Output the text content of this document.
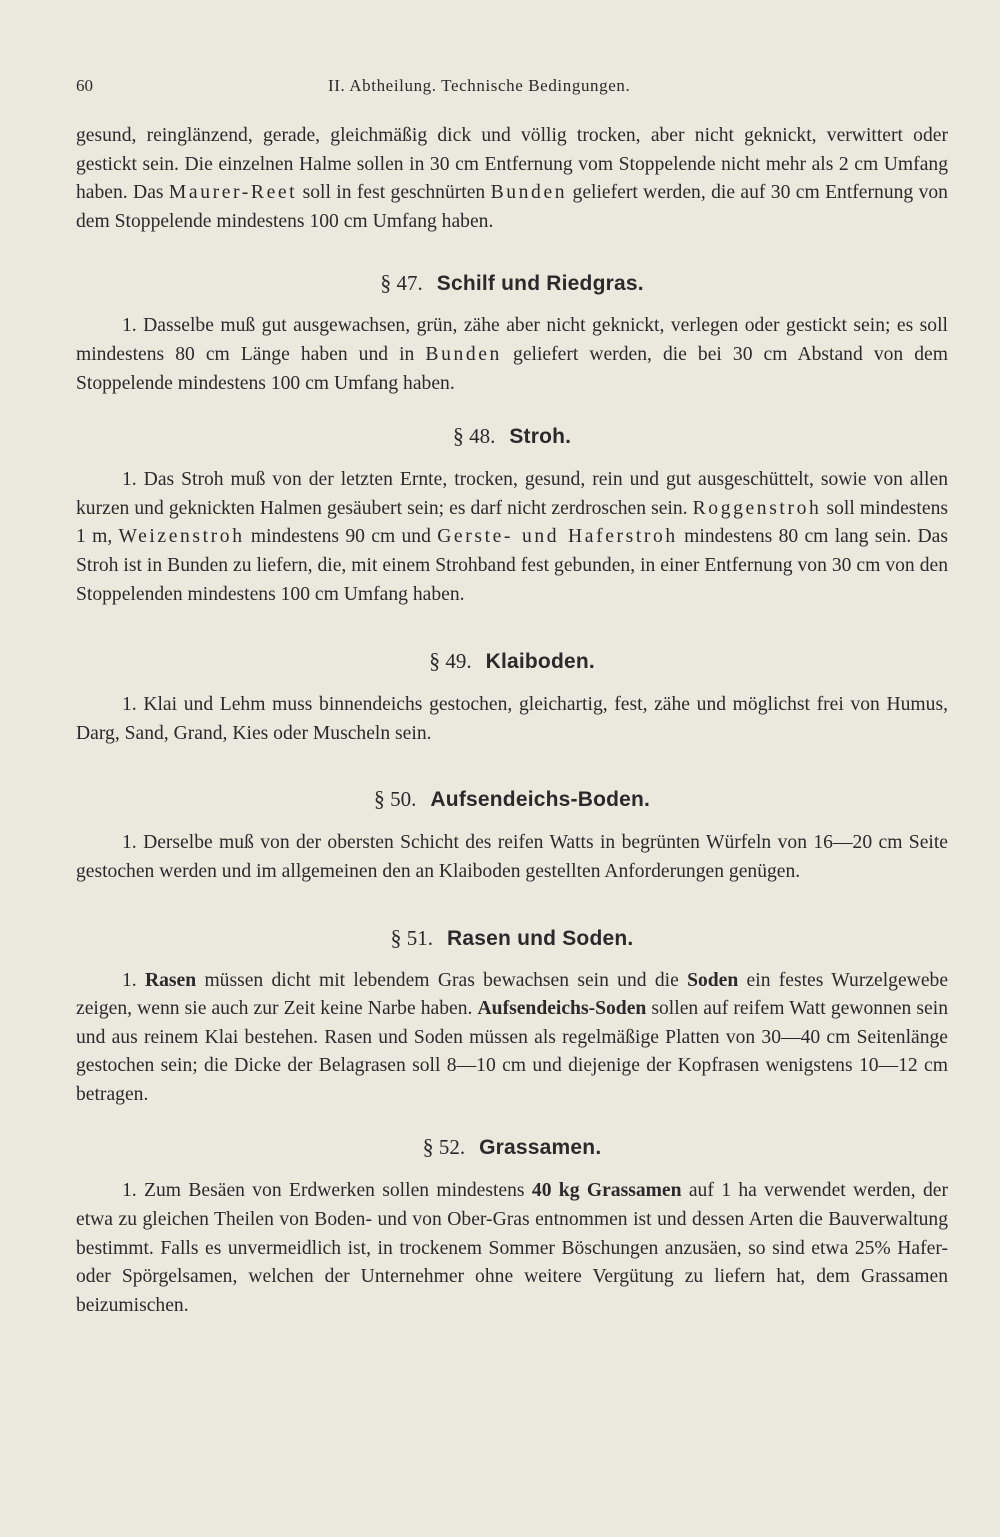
60	II. Abtheilung. Technische Bedingungen.

gesund, reinglänzend, gerade, gleichmäßig dick und völlig trocken, aber nicht geknickt, verwittert oder gestickt sein. Die einzelnen Halme sollen in 30 cm Entfernung vom Stoppelende nicht mehr als 2 cm Umfang haben. Das Maurer-Reet soll in fest geschnürten Bunden geliefert werden, die auf 30 cm Entfernung von dem Stoppelende mindestens 100 cm Umfang haben.

§ 47. Schilf und Riedgras.

1. Dasselbe muß gut ausgewachsen, grün, zähe aber nicht geknickt, verlegen oder gestickt sein; es soll mindestens 80 cm Länge haben und in Bunden geliefert werden, die bei 30 cm Abstand von dem Stoppelende mindestens 100 cm Umfang haben.

§ 48. Stroh.

1. Das Stroh muß von der letzten Ernte, trocken, gesund, rein und gut ausgeschüttelt, sowie von allen kurzen und geknickten Halmen gesäubert sein; es darf nicht zerdroschen sein. Roggenstroh soll mindestens 1 m, Weizenstroh mindestens 90 cm und Gerste- und Haferstroh mindestens 80 cm lang sein. Das Stroh ist in Bunden zu liefern, die, mit einem Strohband fest gebunden, in einer Entfernung von 30 cm von den Stoppelenden mindestens 100 cm Umfang haben.

§ 49. Klaiboden.

1. Klai und Lehm muss binnendeichs gestochen, gleichartig, fest, zähe und möglichst frei von Humus, Darg, Sand, Grand, Kies oder Muscheln sein.

§ 50. Aufsendeichs-Boden.

1. Derselbe muß von der obersten Schicht des reifen Watts in begrünten Würfeln von 16—20 cm Seite gestochen werden und im allgemeinen den an Klaiboden gestellten Anforderungen genügen.

§ 51. Rasen und Soden.

1. Rasen müssen dicht mit lebendem Gras bewachsen sein und die Soden ein festes Wurzelgewebe zeigen, wenn sie auch zur Zeit keine Narbe haben. Aufsendeichs-Soden sollen auf reifem Watt gewonnen sein und aus reinem Klai bestehen. Rasen und Soden müssen als regelmäßige Platten von 30—40 cm Seitenlänge gestochen sein; die Dicke der Belagrasen soll 8—10 cm und diejenige der Kopfrasen wenigstens 10—12 cm betragen.

§ 52. Grassamen.

1. Zum Besäen von Erdwerken sollen mindestens 40 kg Grassamen auf 1 ha verwendet werden, der etwa zu gleichen Theilen von Boden- und von Ober-Gras entnommen ist und dessen Arten die Bauverwaltung bestimmt. Falls es unvermeidlich ist, in trockenem Sommer Böschungen anzusäen, so sind etwa 25% Hafer- oder Spörgelsamen, welchen der Unternehmer ohne weitere Vergütung zu liefern hat, dem Grassamen beizumischen.
